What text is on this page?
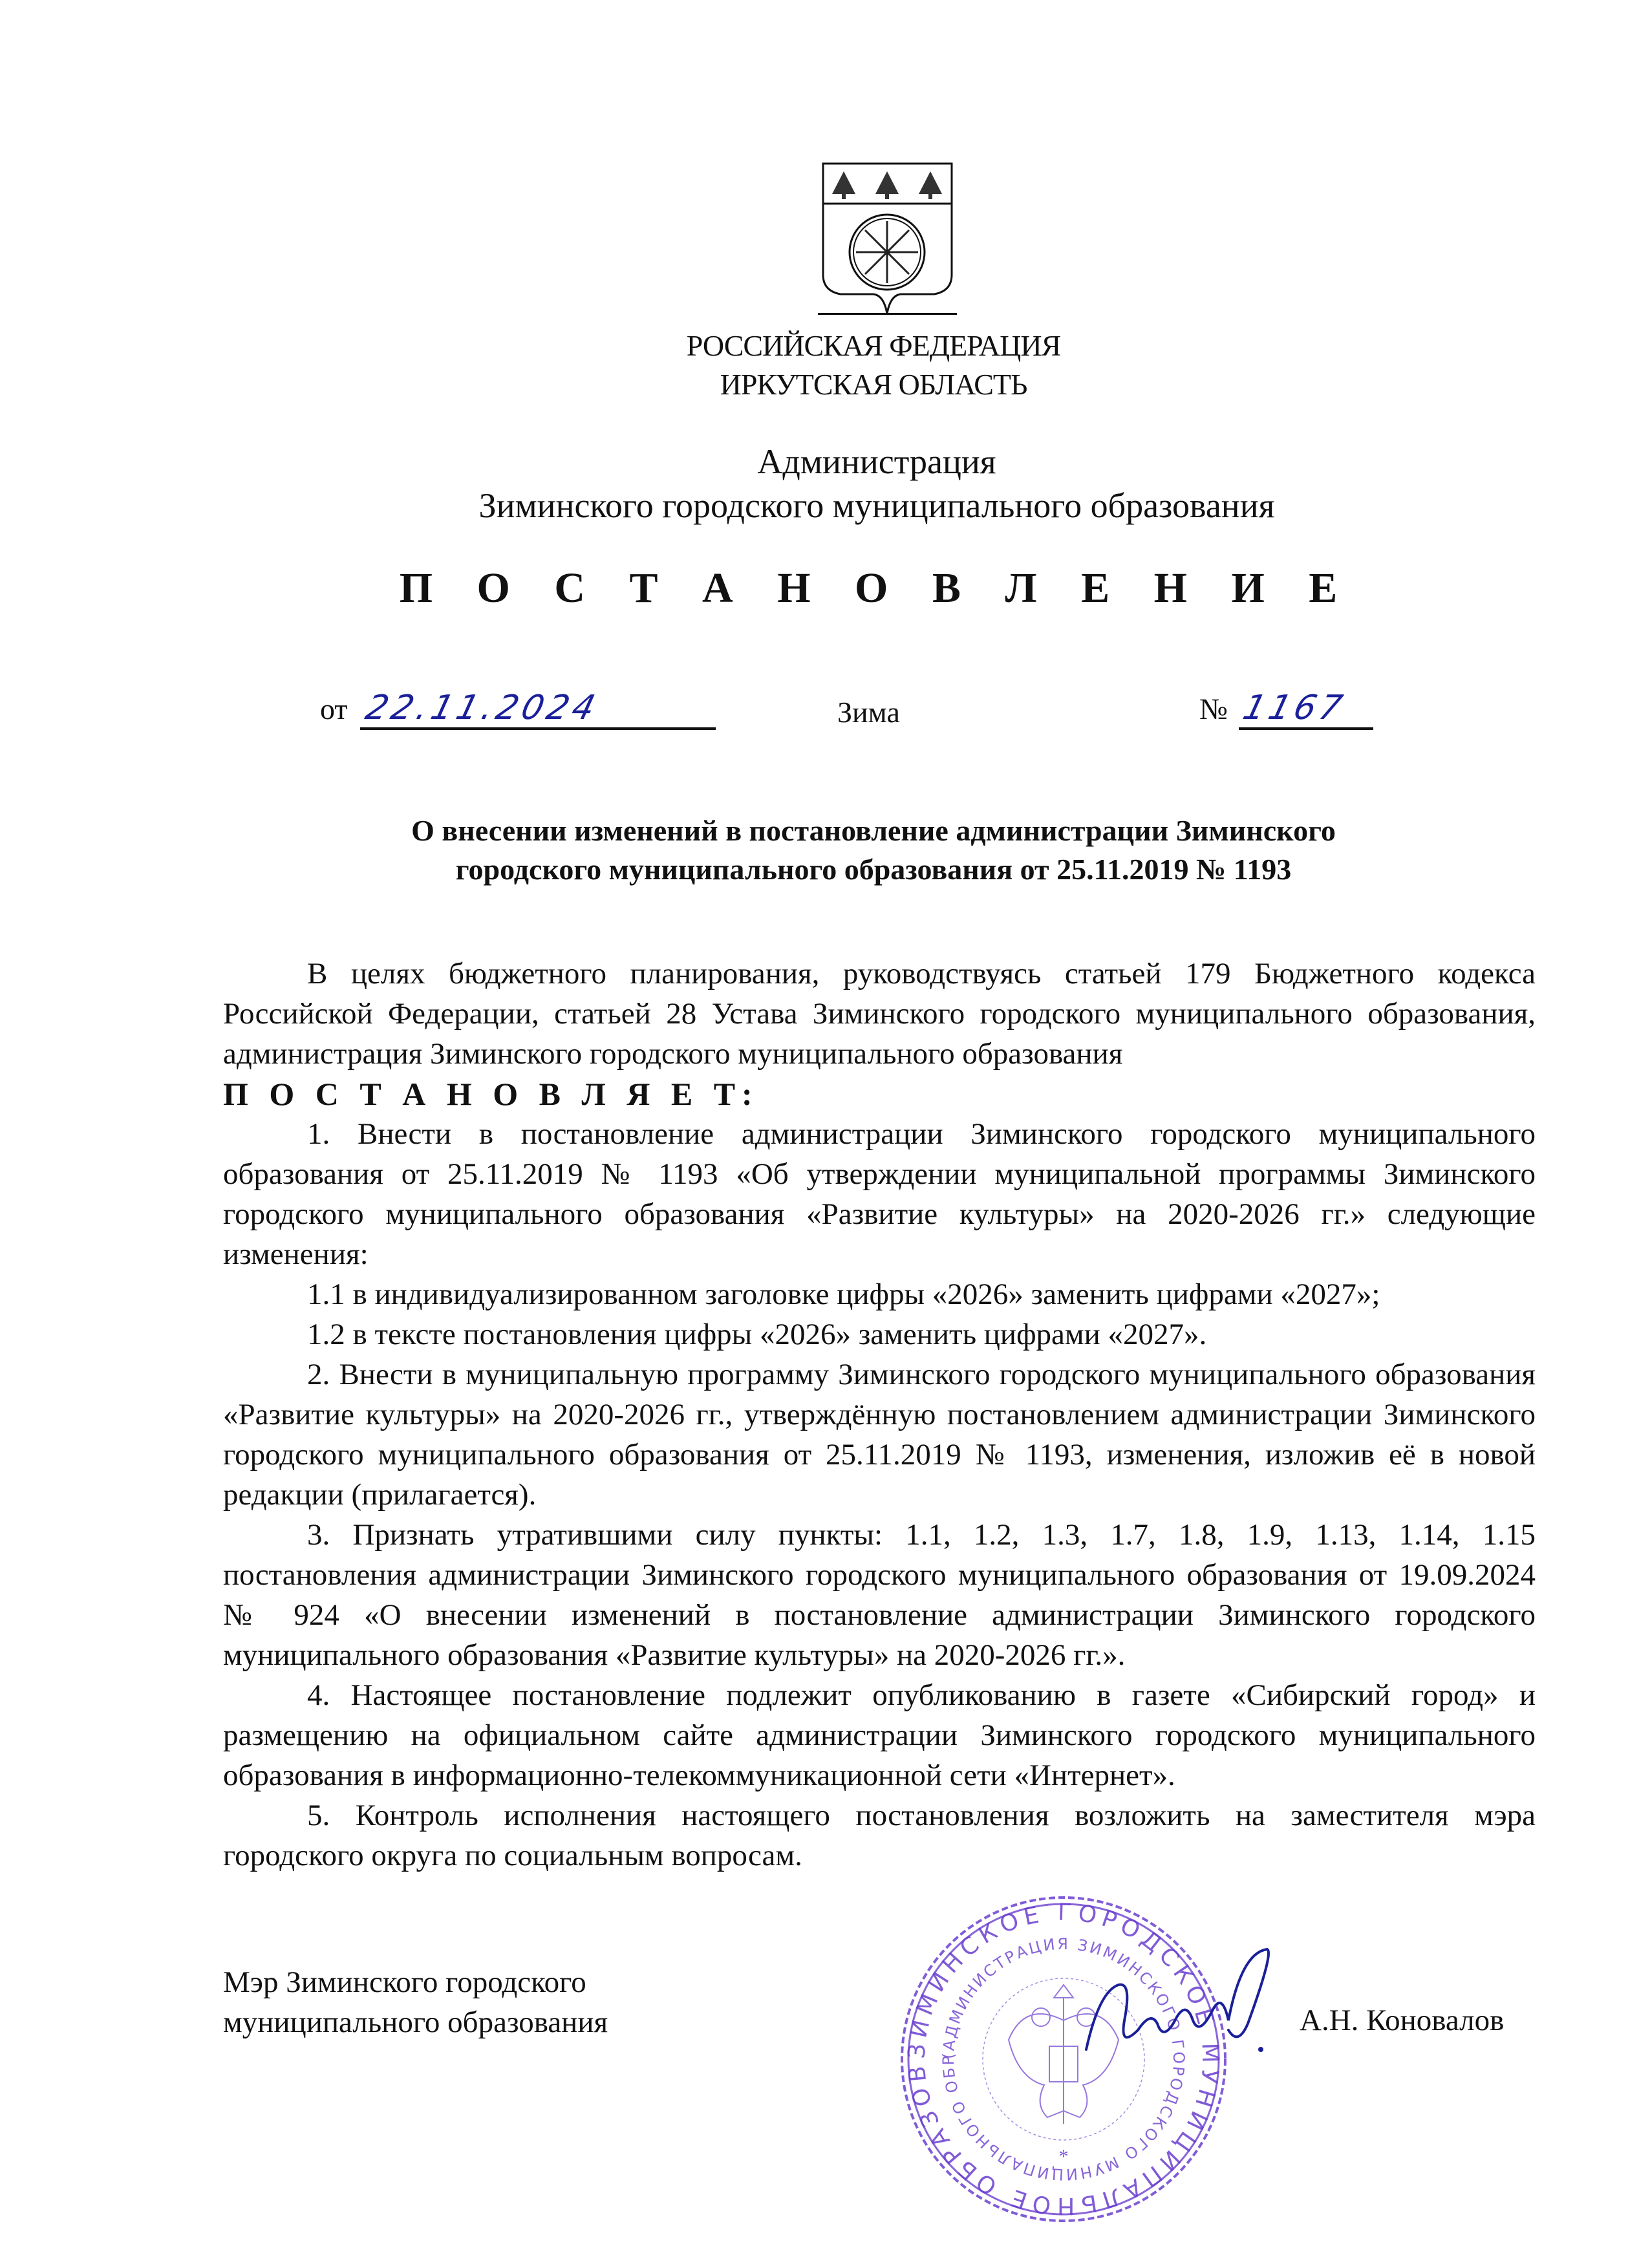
РОССИЙСКАЯ ФЕДЕРАЦИЯ
ИРКУТСКАЯ ОБЛАСТЬ
Администрация
Зиминского городского муниципального образования
П О С Т А Н О В Л Е Н И Е
от 22.11.2024	Зима	№ 1167
О внесении изменений в постановление администрации Зиминского
городского муниципального образования от 25.11.2019 № 1193

В целях бюджетного планирования, руководствуясь статьей 179 Бюджетного кодекса Российской Федерации, статьей 28 Устава Зиминского городского муниципального образования, администрация Зиминского городского муниципального образования

П О С Т А Н О В Л Я Е Т:

1. Внести в постановление администрации Зиминского городского муниципального образования от 25.11.2019 № 1193 «Об утверждении муниципальной программы Зиминского городского муниципального образования «Развитие культуры» на 2020-2026 гг.» следующие изменения:

1.1 в индивидуализированном заголовке цифры «2026» заменить цифрами «2027»;

1.2 в тексте постановления цифры «2026» заменить цифрами «2027».

2. Внести в муниципальную программу Зиминского городского муниципального образования «Развитие культуры» на 2020-2026 гг., утверждённую постановлением администрации Зиминского городского муниципального образования от 25.11.2019 № 1193, изменения, изложив её в новой редакции (прилагается).

3. Признать утратившими силу пункты: 1.1, 1.2, 1.3, 1.7, 1.8, 1.9, 1.13, 1.14, 1.15 постановления администрации Зиминского городского муниципального образования от 19.09.2024 № 924 «О внесении изменений в постановление администрации Зиминского городского муниципального образования «Развитие культуры» на 2020-2026 гг.».

4. Настоящее постановление подлежит опубликованию в газете «Сибирский город» и размещению на официальном сайте администрации Зиминского городского муниципального образования в информационно-телекоммуникационной сети «Интернет».

5. Контроль исполнения настоящего постановления возложить на заместителя мэра городского округа по социальным вопросам.

ЗИМИНСКОЕ ГОРОДСКОЕ МУНИЦИПАЛЬНОЕ ОБРАЗОВ
(АДМИНИСТРАЦИЯ ЗИМИНСКОГО ГОРОДСКОГО МУНИЦИПАЛЬНОГО ОБР
*
Мэр Зиминского городского
муниципального образования	А.Н. Коновалов
